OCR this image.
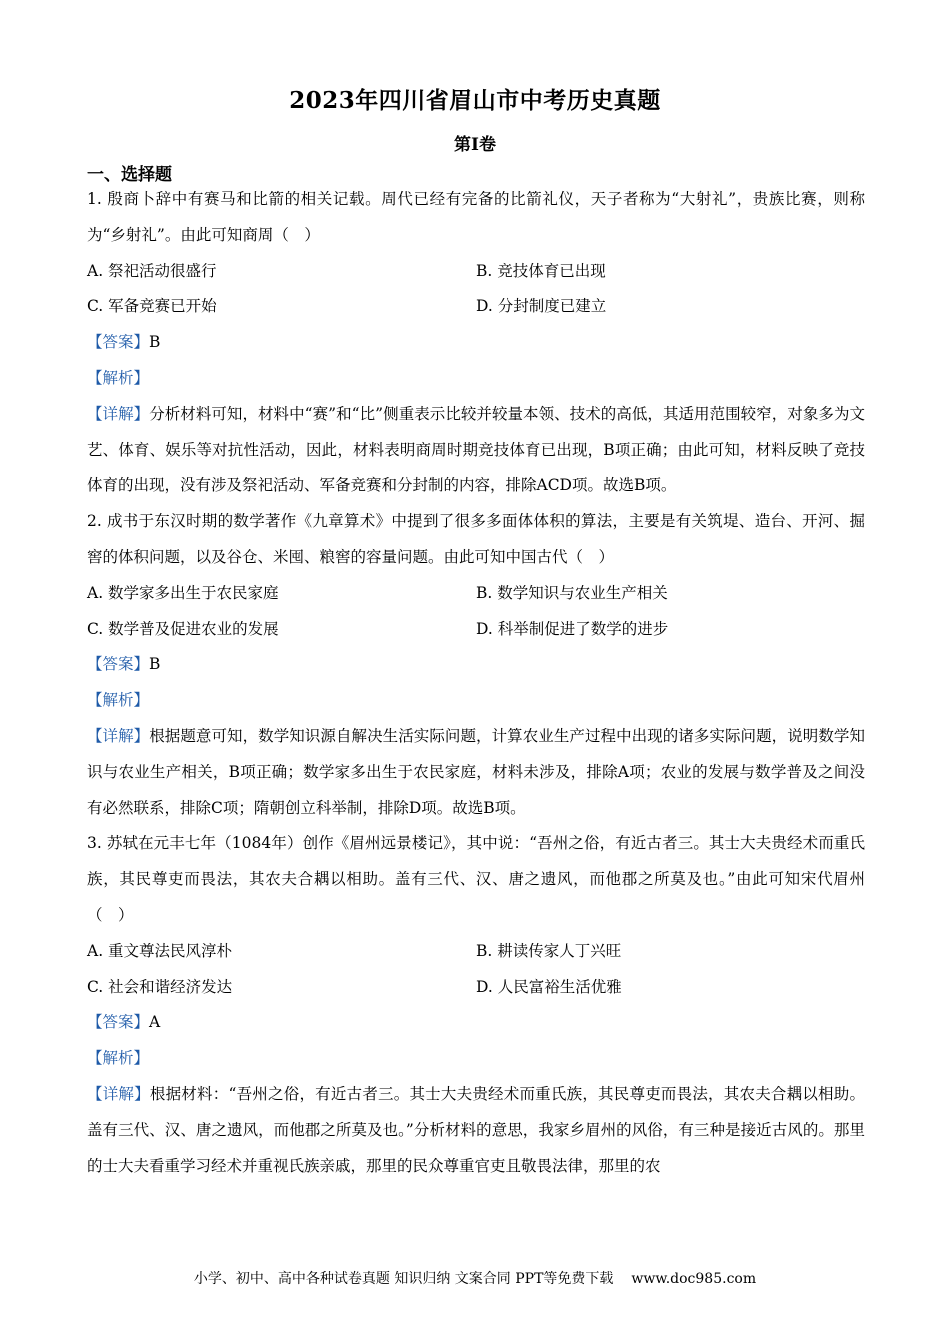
2023年四川省眉山市中考历史真题
第I卷
一、选择题

1. 殷商卜辞中有赛马和比箭的相关记载。周代已经有完备的比箭礼仪，天子者称为“大射礼”，贵族比赛，则称为“乡射礼”。由此可知商周（　）

A. 祭祀活动很盛行	B. 竞技体育已出现

C. 军备竞赛已开始	D. 分封制度已建立

【答案】B

【解析】

【详解】分析材料可知，材料中“赛”和“比”侧重表示比较并较量本领、技术的高低，其适用范围较窄，对象多为文艺、体育、娱乐等对抗性活动，因此，材料表明商周时期竞技体育已出现，B项正确；由此可知，材料反映了竞技体育的出现，没有涉及祭祀活动、军备竞赛和分封制的内容，排除ACD项。故选B项。

2. 成书于东汉时期的数学著作《九章算术》中提到了很多多面体体积的算法，主要是有关筑堤、造台、开河、掘窖的体积问题，以及谷仓、米囤、粮窖的容量问题。由此可知中国古代（　）

A. 数学家多出生于农民家庭	B. 数学知识与农业生产相关

C. 数学普及促进农业的发展	D. 科举制促进了数学的进步

【答案】B

【解析】

【详解】根据题意可知，数学知识源自解决生活实际问题，计算农业生产过程中出现的诸多实际问题，说明数学知识与农业生产相关，B项正确；数学家多出生于农民家庭，材料未涉及，排除A项；农业的发展与数学普及之间没有必然联系，排除C项；隋朝创立科举制，排除D项。故选B项。

3. 苏轼在元丰七年（1084年）创作《眉州远景楼记》，其中说：“吾州之俗，有近古者三。其士大夫贵经术而重氏族，其民尊吏而畏法，其农夫合耦以相助。盖有三代、汉、唐之遗风，而他郡之所莫及也。”由此可知宋代眉州（　）

A. 重文尊法民风淳朴	B. 耕读传家人丁兴旺

C. 社会和谐经济发达	D. 人民富裕生活优雅

【答案】A

【解析】

【详解】根据材料：“吾州之俗，有近古者三。其士大夫贵经术而重氏族，其民尊吏而畏法，其农夫合耦以相助。盖有三代、汉、唐之遗风，而他郡之所莫及也。”分析材料的意思，我家乡眉州的风俗，有三种是接近古风的。那里的士大夫看重学习经术并重视氏族亲戚，那里的民众尊重官吏且敬畏法律，那里的农

小学、初中、高中各种试卷真题 知识归纳 文案合同 PPT等免费下载 www.doc985.com
